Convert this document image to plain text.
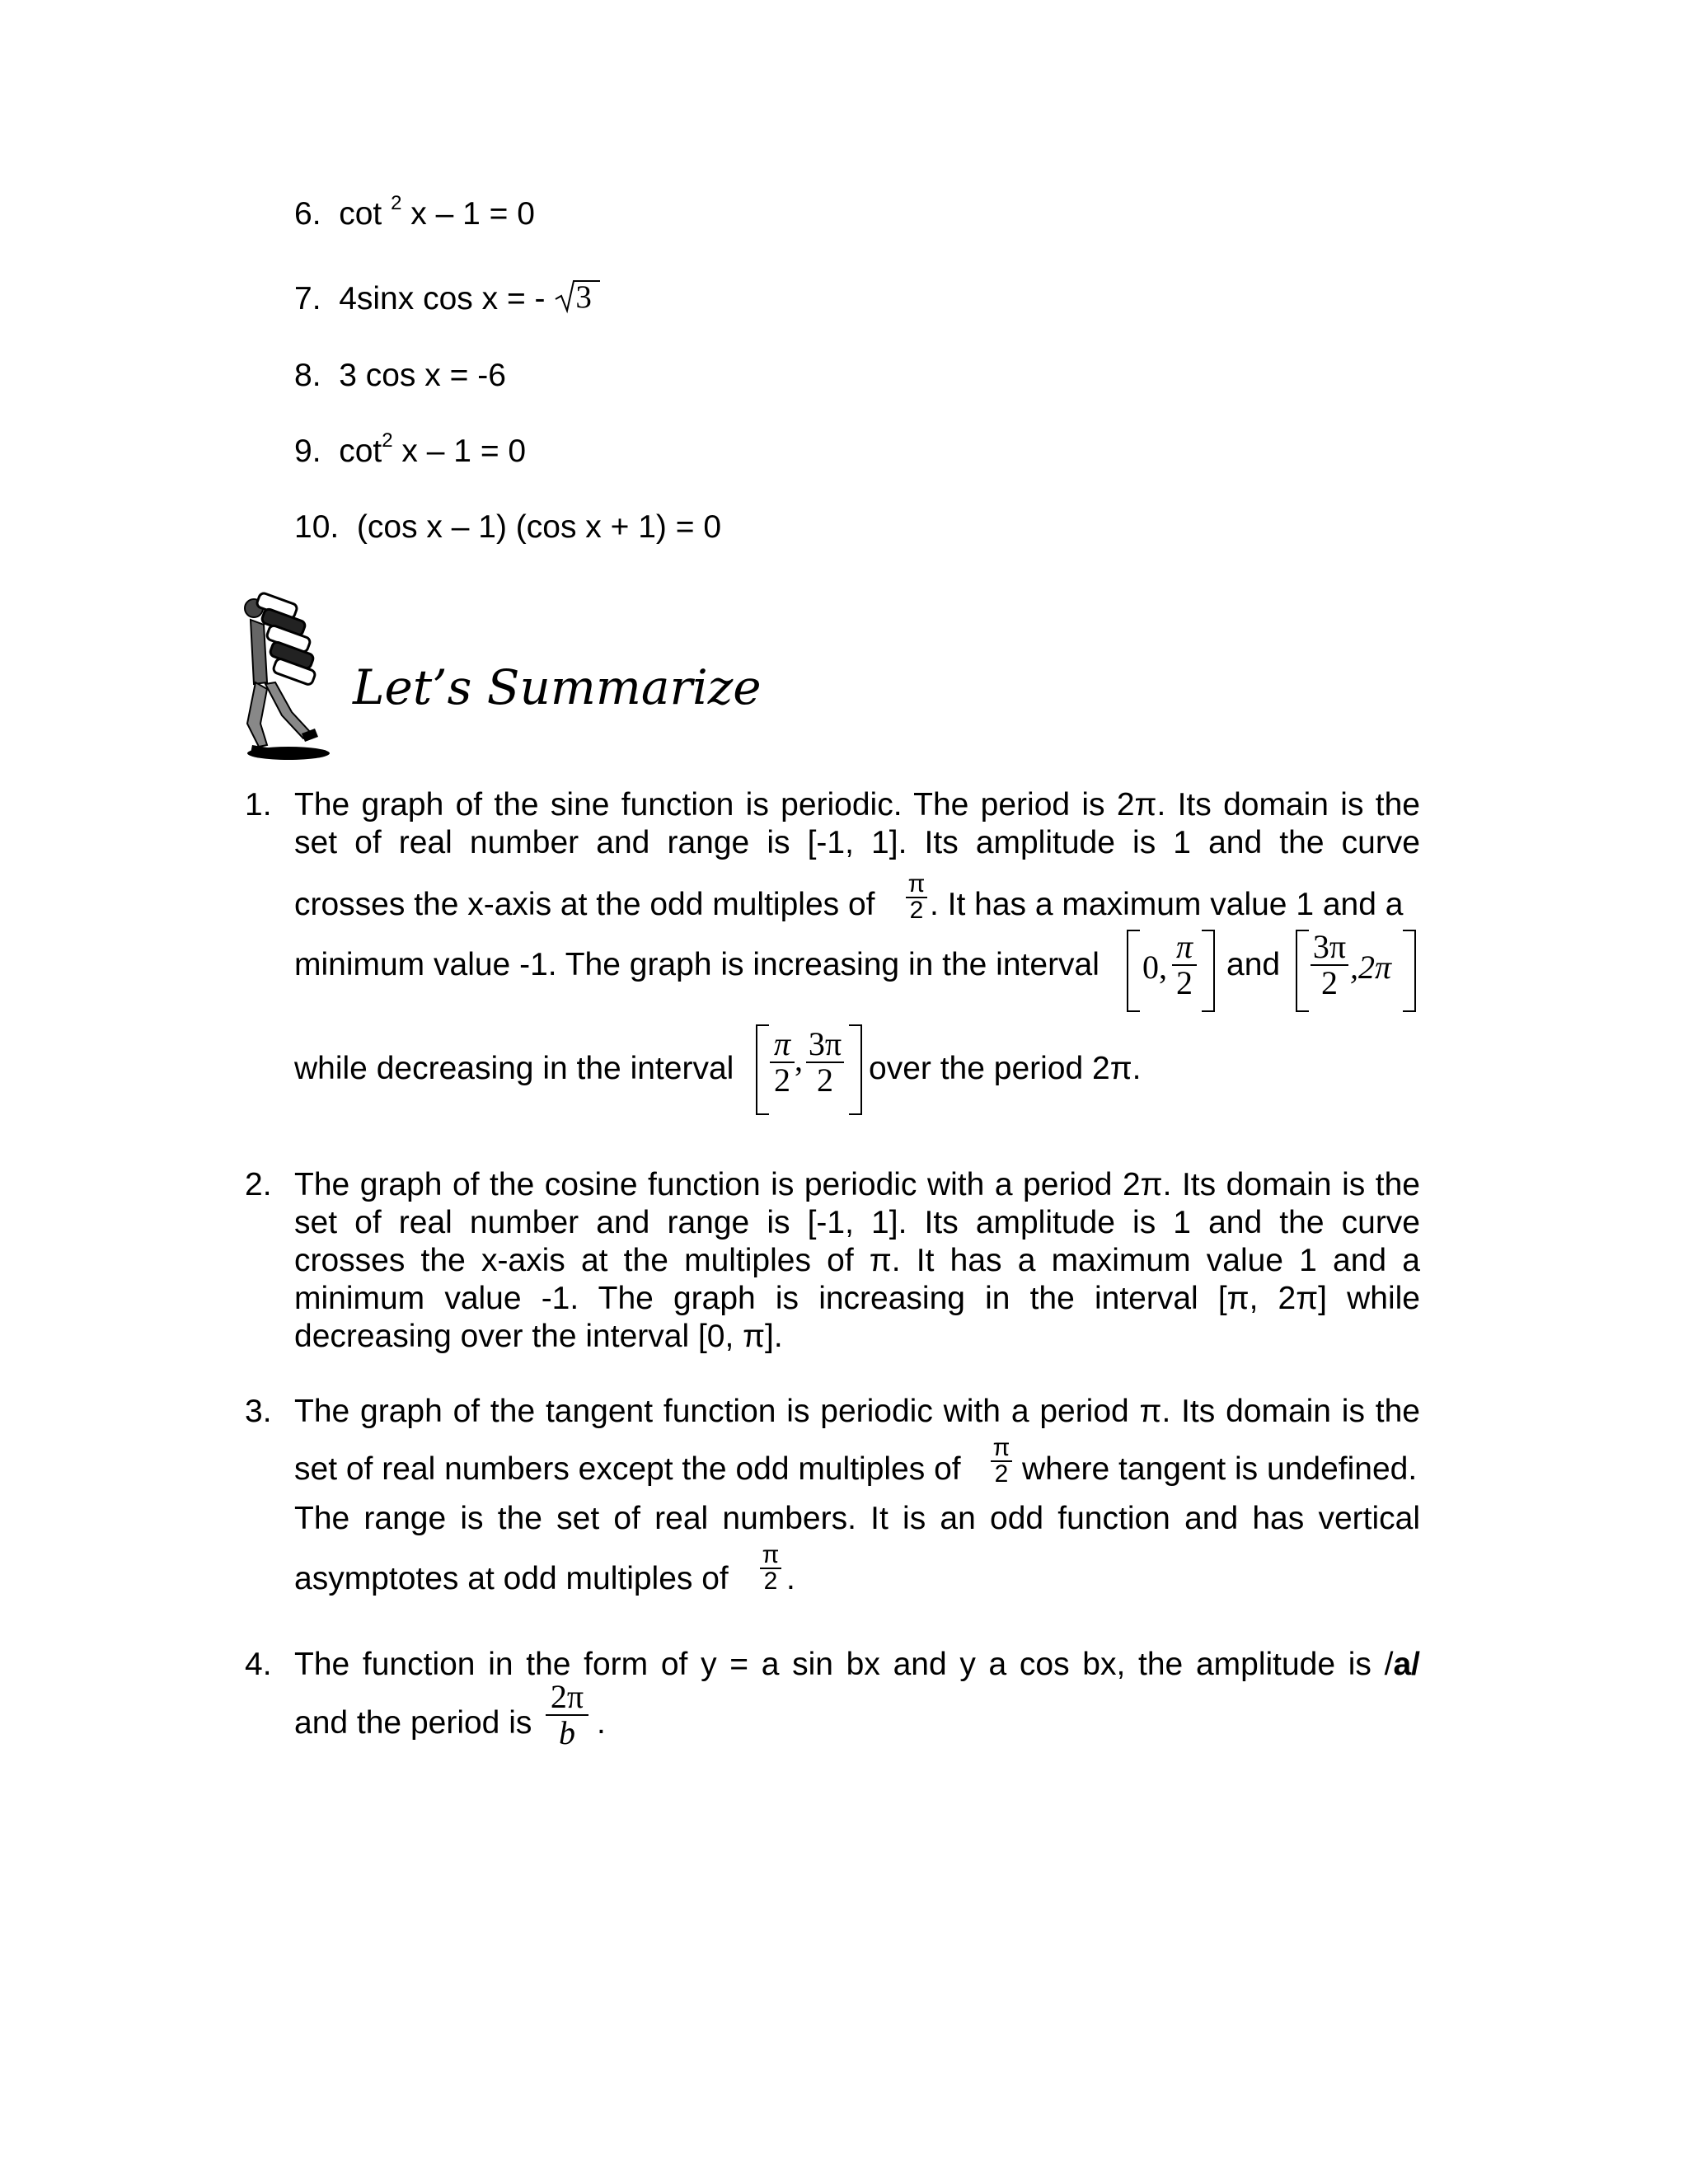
6. cot $^2$ x – 1 = 0
7. 4sinx cos x = - 3
8. 3 cos x = -6
9. $\cot^2 x - 1 = 0$
10. (cos x – 1) (cos x + 1) = 0
Let’s Summarize
1. The graph of the sine function is periodic. The period is 2π. Its domain is the
set of real number and range is [-1, 1]. Its amplitude is 1 and the curve
crosses the x-axis at the odd multiples of $\frac{\pi}{2}$ . It has a maximum value 1 and a
minimum value -1. The graph is increasing in the interval 0,
π
2 and 3π
2 ,2π
while decreasing in the interval
π
2
, 3π
2	over the period 2π.
2. The graph of the cosine function is periodic with a period 2π. Its domain is the
set of real number and range is [-1, 1]. Its amplitude is 1 and the curve
crosses the x-axis at the multiples of π. It has a maximum value 1 and a
minimum value -1. The graph is increasing in the interval [π, 2π] while
decreasing over the interval [0, π].
3. The graph of the tangent function is periodic with a period π. Its domain is the
set of real numbers except the odd multiples of $\frac{\pi}{2}$ where tangent is undefined.
The range is the set of real numbers. It is an odd function and has vertical
asymptotes at odd multiples of $\frac{\pi}{2}$ .
4. The function in the form of y = a sin bx and y a cos bx, the amplitude is /a/
and the period is
2π
b .
